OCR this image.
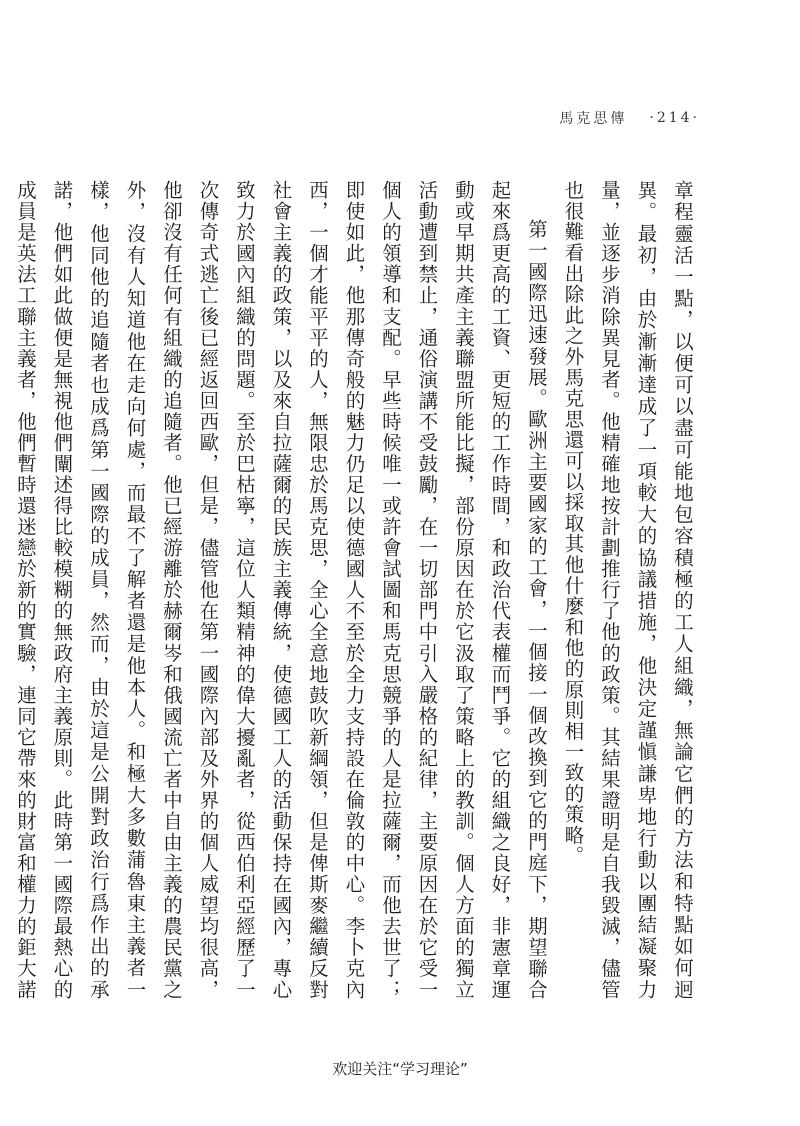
馬克思傳 ·214·

章程靈活一點，以便可以盡可能地包容積極的工人組織，無論它們的方法和特點如何迥異。最初，由於漸漸達成了一項較大的協議措施，他決定謹愼謙卑地行動以團結凝聚力量，並逐步消除異見者。他精確地按計劃推行了他的政策。其結果證明是自我毀滅，儘管也很難看出除此之外馬克思還可以採取其他什麼和他的原則相一致的策略。

第一國際迅速發展。歐洲主要國家的工會，一個接一個改換到它的門庭下，期望聯合起來爲更高的工資、更短的工作時間，和政治代表權而鬥爭。它的組織之良好，非憲章運動或早期共產主義聯盟所能比擬，部份原因在於它汲取了策略上的教訓。個人方面的獨立活動遭到禁止，通俗演講不受鼓勵，在一切部門中引入嚴格的紀律，主要原因在於它受一個人的領導和支配。早些時候唯一或許會試圖和馬克思競爭的人是拉薩爾，而他去世了；即使如此，他那傳奇般的魅力仍足以使德國人不至於全力支持設在倫敦的中心。李卜克內西，一個才能平平的人，無限忠於馬克思，全心全意地鼓吹新綱領，但是俾斯麥繼續反對社會主義的政策，以及來自拉薩爾的民族主義傳統，使德國工人的活動保持在國內，專心致力於國內組織的問題。至於巴枯寧，這位人類精神的偉大擾亂者，從西伯利亞經歷了一次傳奇式逃亡後已經返回西歐，但是，儘管他在第一國際內部及外界的個人威望均很高，他卻沒有任何有組織的追隨者。他已經游離於赫爾岑和俄國流亡者中自由主義的農民黨之外，沒有人知道他在走向何處，而最不了解者還是他本人。和極大多數蒲魯東主義者一樣，他同他的追隨者也成爲第一國際的成員，然而，由於這是公開對政治行爲作出的承諾，他們如此做便是無視他們闡述得比較模糊的無政府主義原則。此時第一國際最熱心的成員是英法工聯主義者，他們暫時還迷戀於新的實驗，連同它帶來的財富和權力的鉅大諾

欢迎关注“学习理论”
